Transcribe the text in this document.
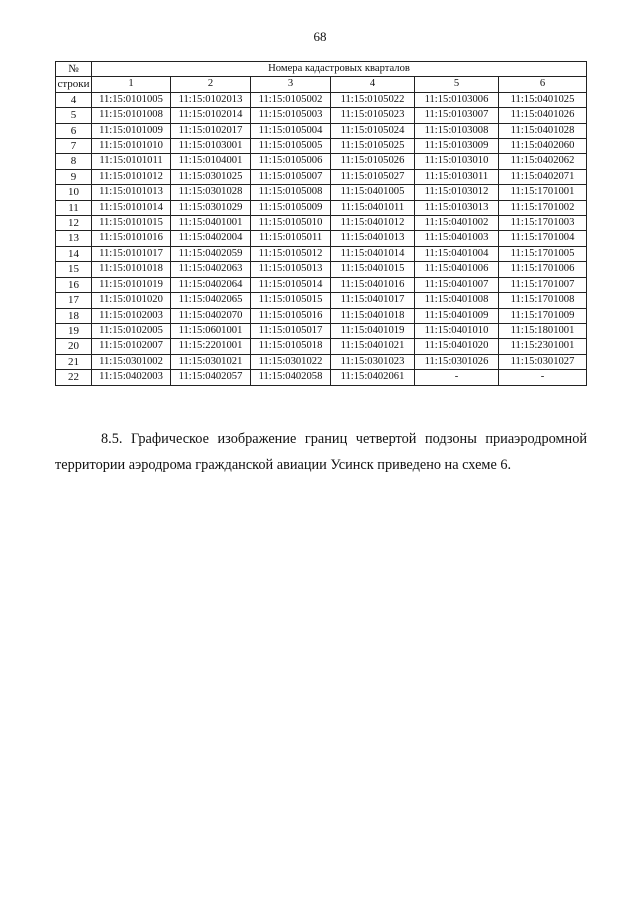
68
№	Номера кадастровых кварталов					
строки	1	2	3	4	5	6
4	11:15:0101005	11:15:0102013	11:15:0105002	11:15:0105022	11:15:0103006	11:15:0401025
5	11:15:0101008	11:15:0102014	11:15:0105003	11:15:0105023	11:15:0103007	11:15:0401026
6	11:15:0101009	11:15:0102017	11:15:0105004	11:15:0105024	11:15:0103008	11:15:0401028
7	11:15:0101010	11:15:0103001	11:15:0105005	11:15:0105025	11:15:0103009	11:15:0402060
8	11:15:0101011	11:15:0104001	11:15:0105006	11:15:0105026	11:15:0103010	11:15:0402062
9	11:15:0101012	11:15:0301025	11:15:0105007	11:15:0105027	11:15:0103011	11:15:0402071
10	11:15:0101013	11:15:0301028	11:15:0105008	11:15:0401005	11:15:0103012	11:15:1701001
11	11:15:0101014	11:15:0301029	11:15:0105009	11:15:0401011	11:15:0103013	11:15:1701002
12	11:15:0101015	11:15:0401001	11:15:0105010	11:15:0401012	11:15:0401002	11:15:1701003
13	11:15:0101016	11:15:0402004	11:15:0105011	11:15:0401013	11:15:0401003	11:15:1701004
14	11:15:0101017	11:15:0402059	11:15:0105012	11:15:0401014	11:15:0401004	11:15:1701005
15	11:15:0101018	11:15:0402063	11:15:0105013	11:15:0401015	11:15:0401006	11:15:1701006
16	11:15:0101019	11:15:0402064	11:15:0105014	11:15:0401016	11:15:0401007	11:15:1701007
17	11:15:0101020	11:15:0402065	11:15:0105015	11:15:0401017	11:15:0401008	11:15:1701008
18	11:15:0102003	11:15:0402070	11:15:0105016	11:15:0401018	11:15:0401009	11:15:1701009
19	11:15:0102005	11:15:0601001	11:15:0105017	11:15:0401019	11:15:0401010	11:15:1801001
20	11:15:0102007	11:15:2201001	11:15:0105018	11:15:0401021	11:15:0401020	11:15:2301001
21	11:15:0301002	11:15:0301021	11:15:0301022	11:15:0301023	11:15:0301026	11:15:0301027
22	11:15:0402003	11:15:0402057	11:15:0402058	11:15:0402061	-	-
8.5. Графическое изображение границ четвертой подзоны приаэродромной территории аэродрома гражданской авиации Усинск приведено на схеме 6.
